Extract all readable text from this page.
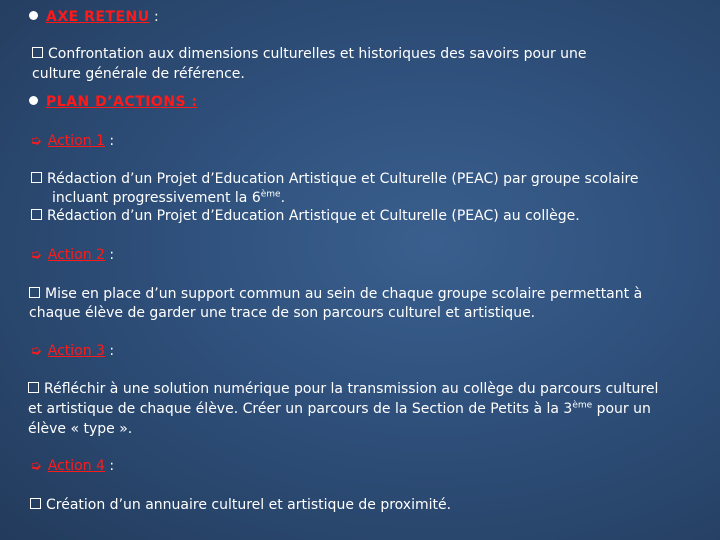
AXE RETENU :
Confrontation aux dimensions culturelles et historiques des savoirs pour une
culture générale de référence.
PLAN D’ACTIONS :
➭ Action 1 :
Rédaction d’un Projet d’Education Artistique et Culturelle (PEAC) par groupe scolaire
incluant progressivement la 6ème.
Rédaction d’un Projet d’Education Artistique et Culturelle (PEAC) au collège.
➭ Action 2 :
Mise en place d’un support commun au sein de chaque groupe scolaire permettant à
chaque élève de garder une trace de son parcours culturel et artistique.
➭ Action 3 :
Réfléchir à une solution numérique pour la transmission au collège du parcours culturel
et artistique de chaque élève. Créer un parcours de la Section de Petits à la 3ème pour un
élève « type ».
➭ Action 4 :
Création d’un annuaire culturel et artistique de proximité.
